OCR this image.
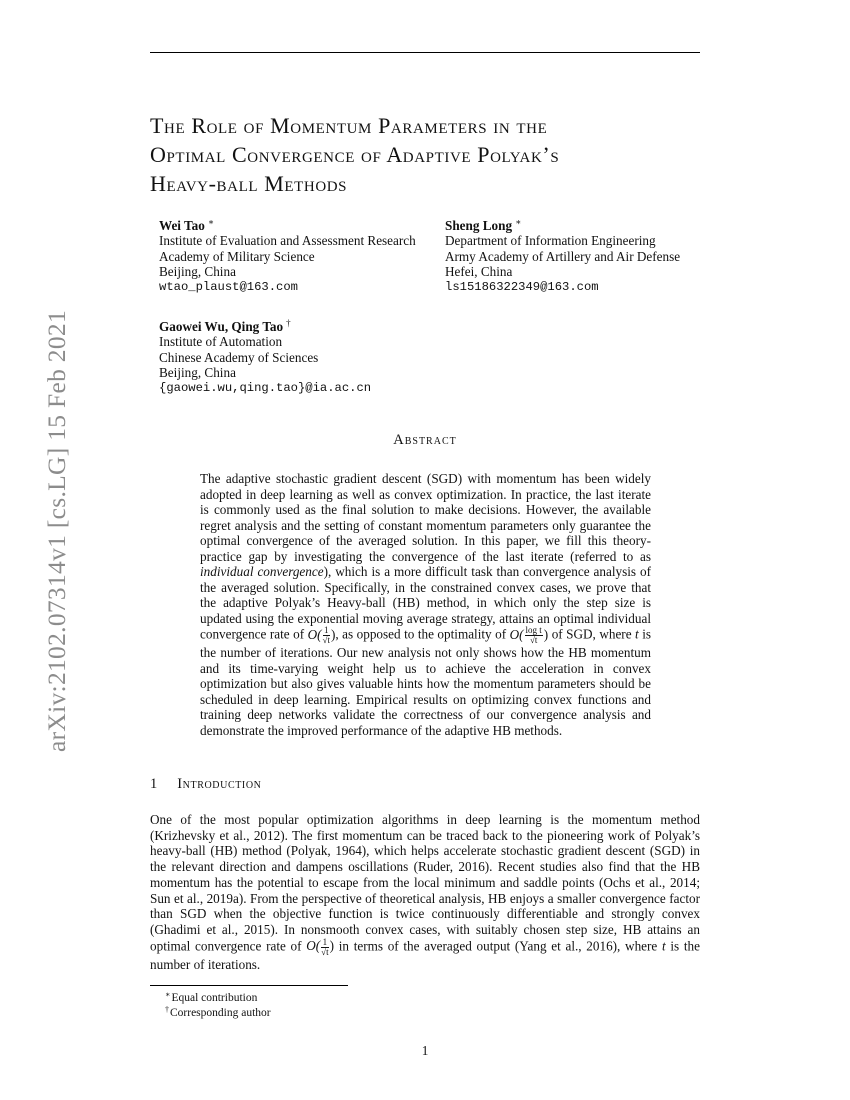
arXiv:2102.07314v1 [cs.LG] 15 Feb 2021
The Role of Momentum Parameters in the
Optimal Convergence of Adaptive Polyak’s
Heavy-ball Methods
Wei Tao ∗
Institute of Evaluation and Assessment Research
Academy of Military Science
Beijing, China
wtao_plaust@163.com
Sheng Long ∗
Department of Information Engineering
Army Academy of Artillery and Air Defense
Hefei, China
ls15186322349@163.com
Gaowei Wu, Qing Tao †
Institute of Automation
Chinese Academy of Sciences
Beijing, China
{gaowei.wu,qing.tao}@ia.ac.cn
Abstract
The adaptive stochastic gradient descent (SGD) with momentum has been widely adopted in deep learning as well as convex optimization. In practice, the last iterate is commonly used as the final solution to make decisions. However, the available regret analysis and the setting of constant momentum parameters only guarantee the optimal convergence of the averaged solution. In this paper, we fill this theory-practice gap by investigating the convergence of the last iterate (referred to as individual convergence), which is a more difficult task than convergence analysis of the averaged solution. Specifically, in the constrained convex cases, we prove that the adaptive Polyak’s Heavy-ball (HB) method, in which only the step size is updated using the exponential moving average strategy, attains an optimal individual convergence rate of $O( \frac{1}{√t}$ ), as opposed to the optimality of $O( \frac{\text{log t}}{√t}$ ) of SGD, where t is the number of iterations. Our new analysis not only shows how the HB momentum and its time-varying weight help us to achieve the acceleration in convex optimization but also gives valuable hints how the momentum parameters should be scheduled in deep learning. Empirical results on optimizing convex functions and training deep networks validate the correctness of our convergence analysis and demonstrate the improved performance of the adaptive HB methods.
1 Introduction
One of the most popular optimization algorithms in deep learning is the momentum method (Krizhevsky et al., 2012). The first momentum can be traced back to the pioneering work of Polyak’s heavy-ball (HB) method (Polyak, 1964), which helps accelerate stochastic gradient descent (SGD) in the relevant direction and dampens oscillations (Ruder, 2016). Recent studies also find that the HB momentum has the potential to escape from the local minimum and saddle points (Ochs et al., 2014; Sun et al., 2019a). From the perspective of theoretical analysis, HB enjoys a smaller convergence factor than SGD when the objective function is twice continuously differentiable and strongly convex (Ghadimi et al., 2015). In nonsmooth convex cases, with suitably chosen step size, HB attains an optimal convergence rate of $O( \frac{1}{√t}$ ) in terms of the averaged output (Yang et al., 2016), where t is the number of iterations.
∗Equal contribution
†Corresponding author
1
